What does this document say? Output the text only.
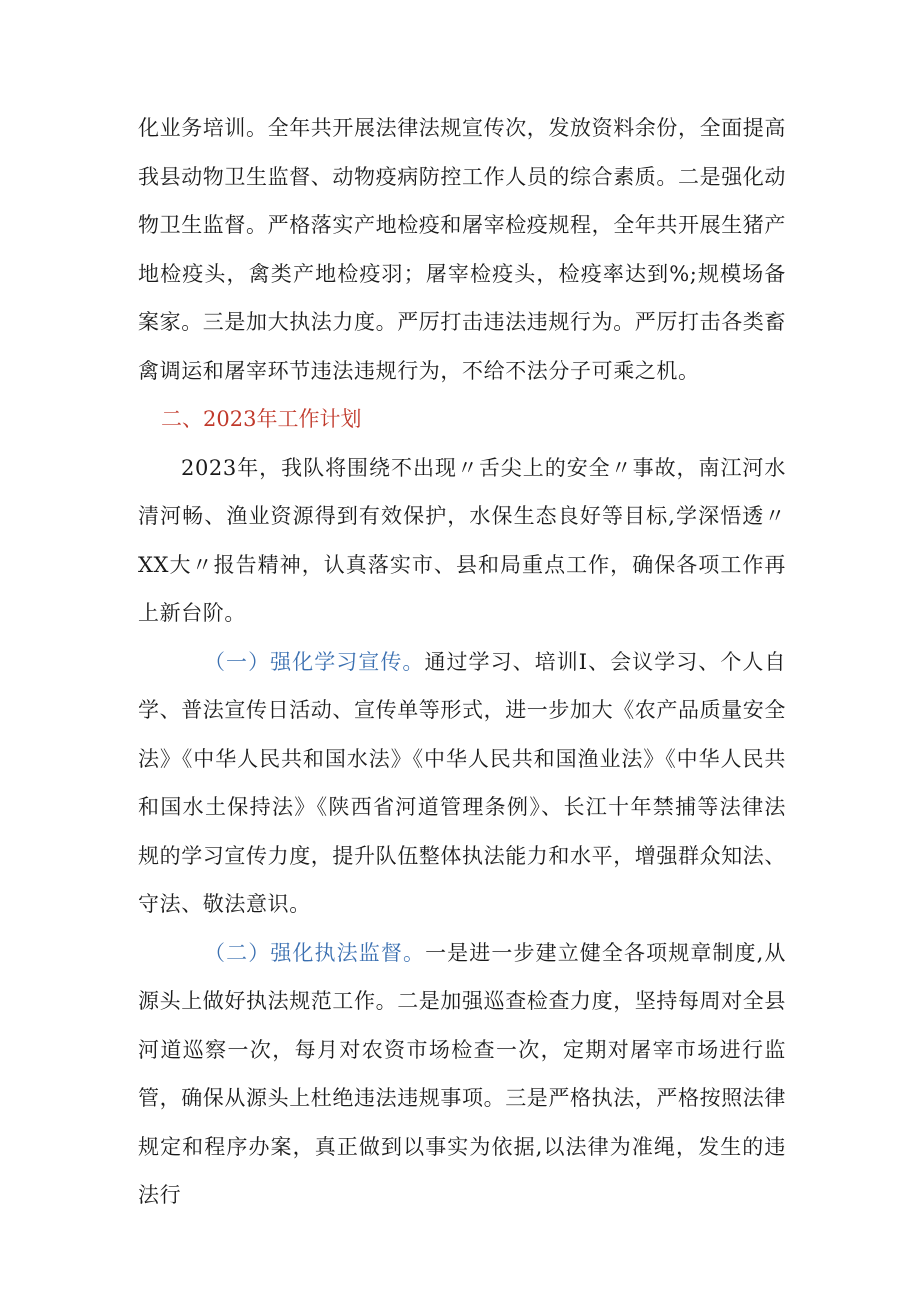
化业务培训。全年共开展法律法规宣传次，发放资料余份，全面提高我县动物卫生监督、动物疫病防控工作人员的综合素质。二是强化动物卫生监督。严格落实产地检疫和屠宰检疫规程，全年共开展生猪产地检疫头，禽类产地检疫羽；屠宰检疫头，检疫率达到%;规模场备案家。三是加大执法力度。严厉打击违法违规行为。严厉打击各类畜禽调运和屠宰环节违法违规行为，不给不法分子可乘之机。

二、2023年工作计划

2023年，我队将围绕不出现〃舌尖上的安全〃事故，南江河水清河畅、渔业资源得到有效保护，水保生态良好等目标,学深悟透〃XX大〃报告精神，认真落实市、县和局重点工作，确保各项工作再上新台阶。

（一）强化学习宣传。通过学习、培训I、会议学习、个人自学、普法宣传日活动、宣传单等形式，进一步加大《农产品质量安全法》《中华人民共和国水法》《中华人民共和国渔业法》《中华人民共和国水土保持法》《陕西省河道管理条例》、长江十年禁捕等法律法规的学习宣传力度，提升队伍整体执法能力和水平，增强群众知法、守法、敬法意识。

（二）强化执法监督。一是进一步建立健全各项规章制度,从源头上做好执法规范工作。二是加强巡查检查力度，坚持每周对全县河道巡察一次，每月对农资市场检查一次，定期对屠宰市场进行监管，确保从源头上杜绝违法违规事项。三是严格执法，严格按照法律规定和程序办案，真正做到以事实为依据,以法律为准绳，发生的违法行
